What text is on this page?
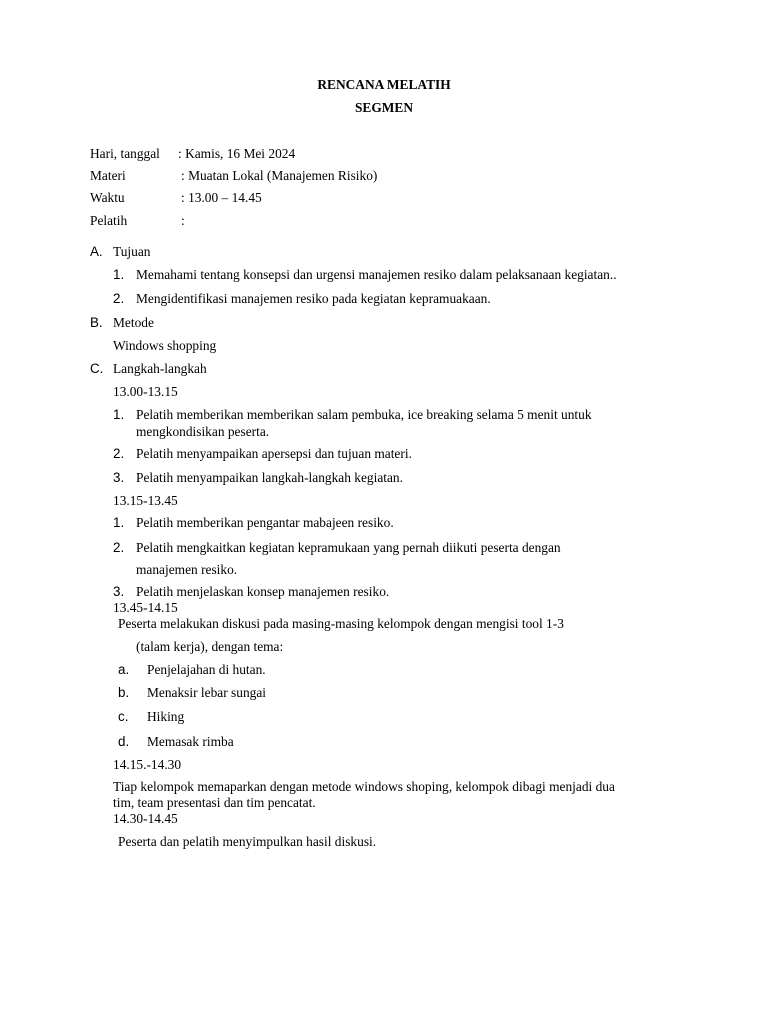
RENCANA MELATIH
SEGMEN
Hari, tanggal : Kamis, 16 Mei 2024
Materi	: Muatan Lokal (Manajemen Risiko)
Waktu	: 13.00 – 14.45
Pelatih	:
A. Tujuan
1. Memahami tentang konsepsi dan urgensi manajemen resiko dalam pelaksanaan kegiatan..
2. Mengidentifikasi manajemen resiko pada kegiatan kepramuakaan.
B. Metode
Windows shopping
C. Langkah-langkah
13.00-13.15
1. Pelatih memberikan memberikan salam pembuka, ice breaking selama 5 menit untuk
mengkondisikan peserta.
2. Pelatih menyampaikan apersepsi dan tujuan materi.
3. Pelatih menyampaikan langkah-langkah kegiatan.
13.15-13.45
1. Pelatih memberikan pengantar mabajeen resiko.
2. Pelatih mengkaitkan kegiatan kepramukaan yang pernah diikuti peserta dengan
manajemen resiko.
3. Pelatih menjelaskan konsep manajemen resiko.
13.45-14.15
Peserta melakukan diskusi pada masing-masing kelompok dengan mengisi tool 1-3
(talam kerja), dengan tema:
a. Penjelajahan di hutan.
b. Menaksir lebar sungai
c. Hiking
d. Memasak rimba
14.15.-14.30
Tiap kelompok memaparkan dengan metode windows shoping, kelompok dibagi menjadi dua
tim, team presentasi dan tim pencatat.
14.30-14.45
Peserta dan pelatih menyimpulkan hasil diskusi.
